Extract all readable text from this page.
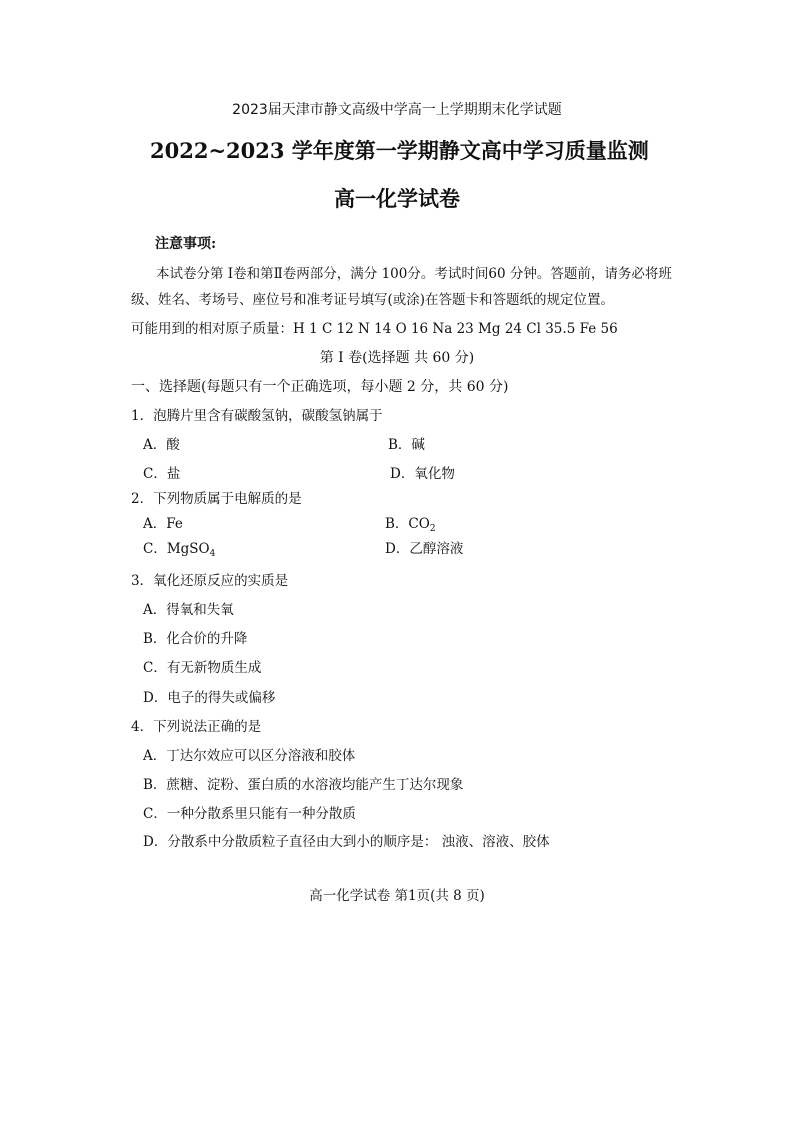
2023届天津市静文高级中学高一上学期期末化学试题
2022~2023 学年度第一学期静文高中学习质量监测
高一化学试卷
注意事项:
本试卷分第 Ⅰ卷和第Ⅱ卷两部分，满分 100分。考试时间60 分钟。答题前，请务必将班
级、姓名、考场号、座位号和准考证号填写(或涂)在答题卡和答题纸的规定位置。
可能用到的相对原子质量：H 1 C 12 N 14 O 16 Na 23 Mg 24 Cl 35.5 Fe 56
第 Ⅰ 卷(选择题 共 60 分)
一、选择题(每题只有一个正确选项，每小题 2 分，共 60 分)
1．泡腾片里含有碳酸氢钠，碳酸氢钠属于
A．酸	B．碱
C．盐	D．氧化物
2．下列物质属于电解质的是
A．Fe	B．$CO_2$
C．MgSO$_4$	D．乙醇溶液
3．氧化还原反应的实质是
A．得氧和失氧
B．化合价的升降
C．有无新物质生成
D．电子的得失或偏移
4．下列说法正确的是
A．丁达尔效应可以区分溶液和胶体
B．蔗糖、淀粉、蛋白质的水溶液均能产生丁达尔现象
C．一种分散系里只能有一种分散质
D．分散系中分散质粒子直径由大到小的顺序是： 浊液、溶液、胶体
高一化学试卷 第1页(共 8 页)
